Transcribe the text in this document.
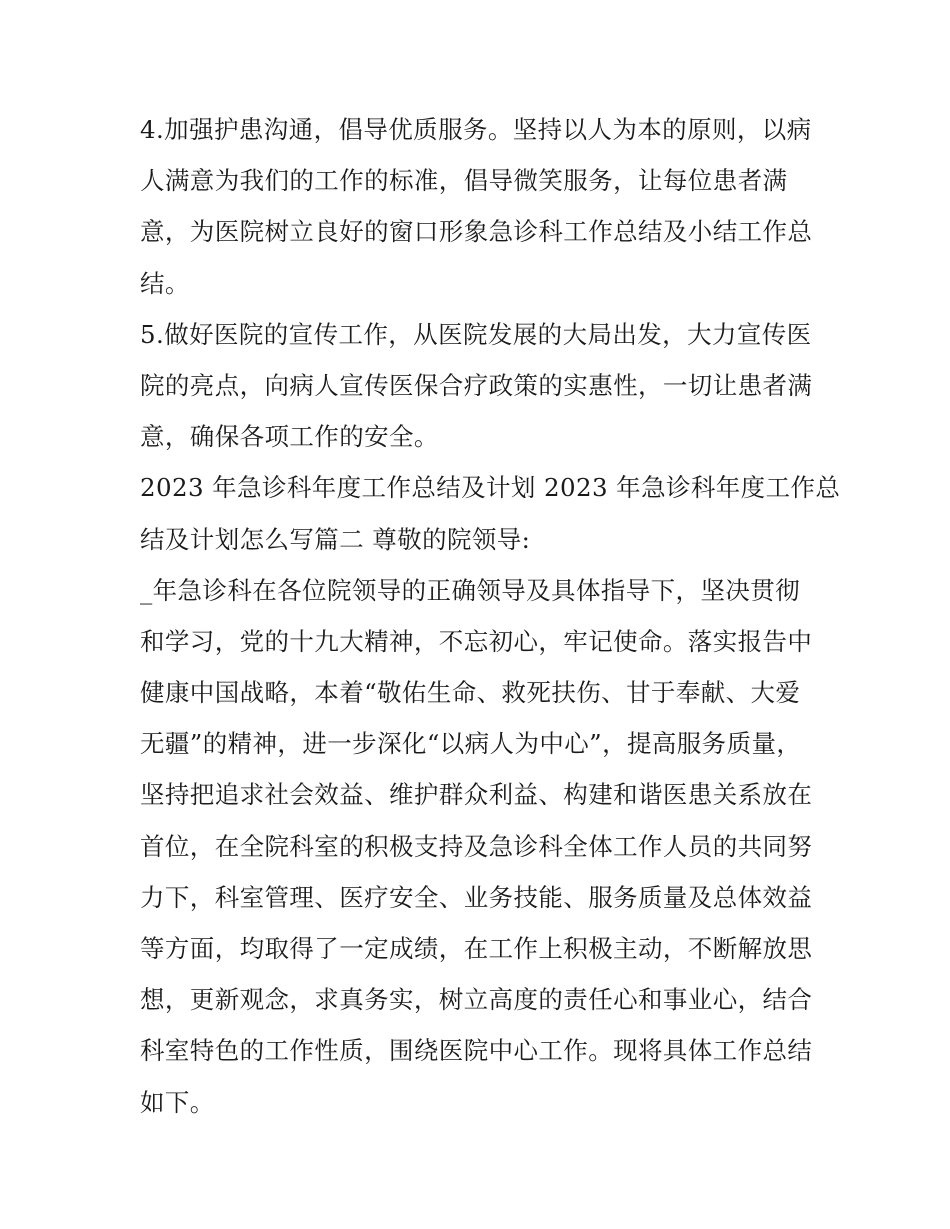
4.加强护患沟通，倡导优质服务。坚持以人为本的原则，以病
人满意为我们的工作的标准，倡导微笑服务，让每位患者满
意，为医院树立良好的窗口形象急诊科工作总结及小结工作总
结。
5.做好医院的宣传工作，从医院发展的大局出发，大力宣传医
院的亮点，向病人宣传医保合疗政策的实惠性，一切让患者满
意，确保各项工作的安全。
2023 年急诊科年度工作总结及计划 2023 年急诊科年度工作总
结及计划怎么写篇二 尊敬的院领导:
_年急诊科在各位院领导的正确领导及具体指导下，坚决贯彻
和学习，党的十九大精神，不忘初心，牢记使命。落实报告中
健康中国战略，本着“敬佑生命、救死扶伤、甘于奉献、大爱
无疆”的精神，进一步深化“以病人为中心”，提高服务质量，
坚持把追求社会效益、维护群众利益、构建和谐医患关系放在
首位，在全院科室的积极支持及急诊科全体工作人员的共同努
力下，科室管理、医疗安全、业务技能、服务质量及总体效益
等方面，均取得了一定成绩，在工作上积极主动，不断解放思
想，更新观念，求真务实，树立高度的责任心和事业心，结合
科室特色的工作性质，围绕医院中心工作。现将具体工作总结
如下。
